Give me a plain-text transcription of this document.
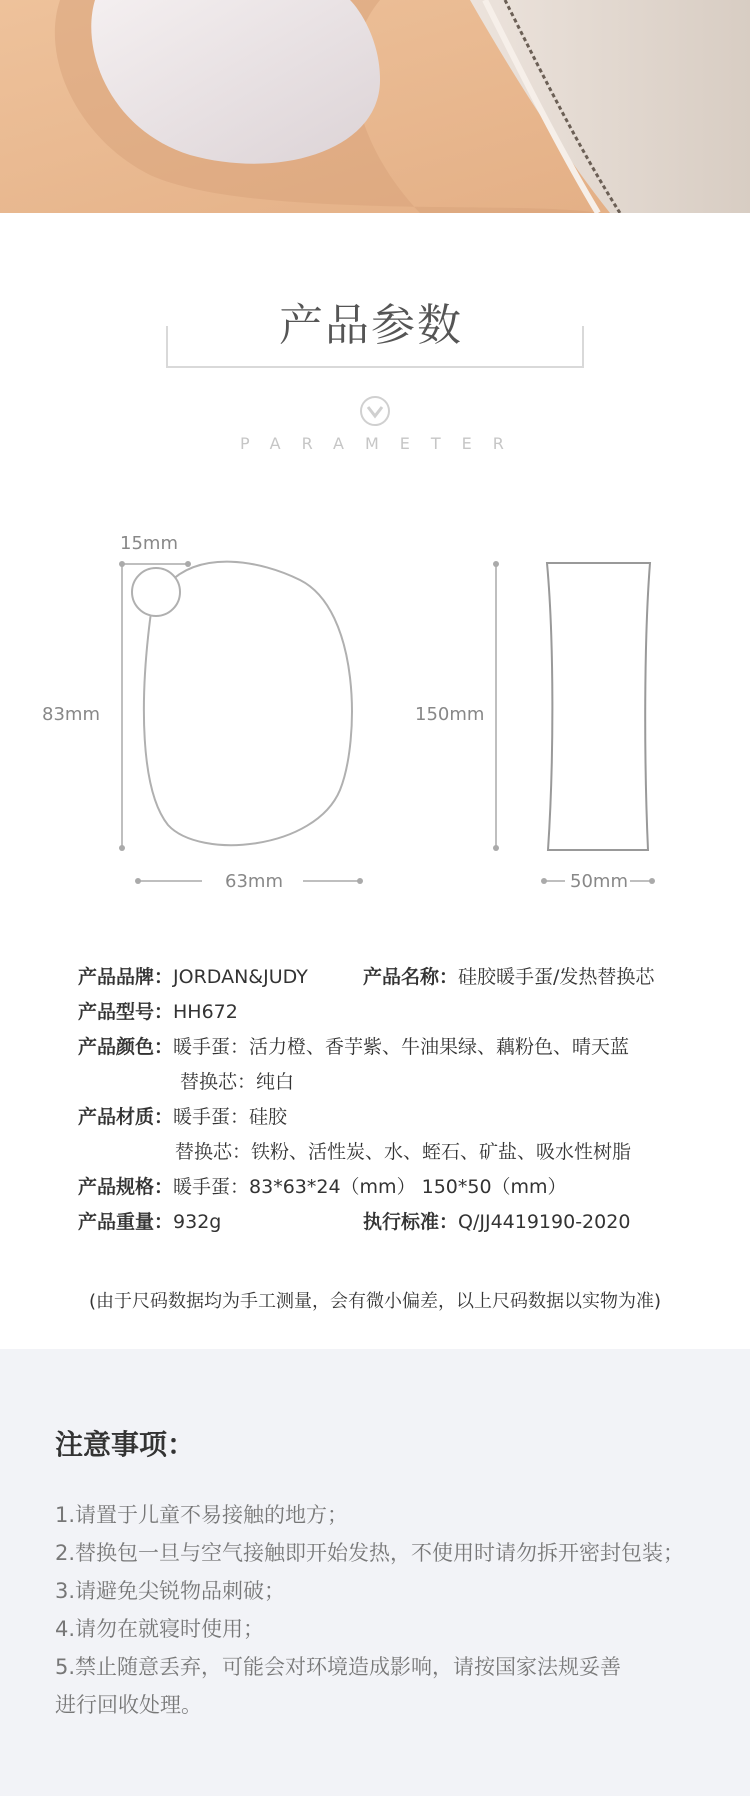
产品参数
PARAMETER
15mm
83mm
63mm
150mm
50mm
产品品牌：JORDAN&JUDY	产品名称：硅胶暖手蛋/发热替换芯
产品型号：HH672
产品颜色：暖手蛋：活力橙、香芋紫、牛油果绿、藕粉色、晴天蓝
替换芯：纯白
产品材质：暖手蛋：硅胶
替换芯：铁粉、活性炭、水、蛭石、矿盐、吸水性树脂
产品规格：暖手蛋：83*63*24（mm） 150*50（mm）
产品重量：932g	执行标准：Q/JJ4419190-2020
(由于尺码数据均为手工测量，会有微小偏差，以上尺码数据以实物为准)
注意事项：
1.请置于儿童不易接触的地方；
2.替换包一旦与空气接触即开始发热，不使用时请勿拆开密封包装；
3.请避免尖锐物品刺破；
4.请勿在就寝时使用；
5.禁止随意丢弃，可能会对环境造成影响，请按国家法规妥善
进行回收处理。
